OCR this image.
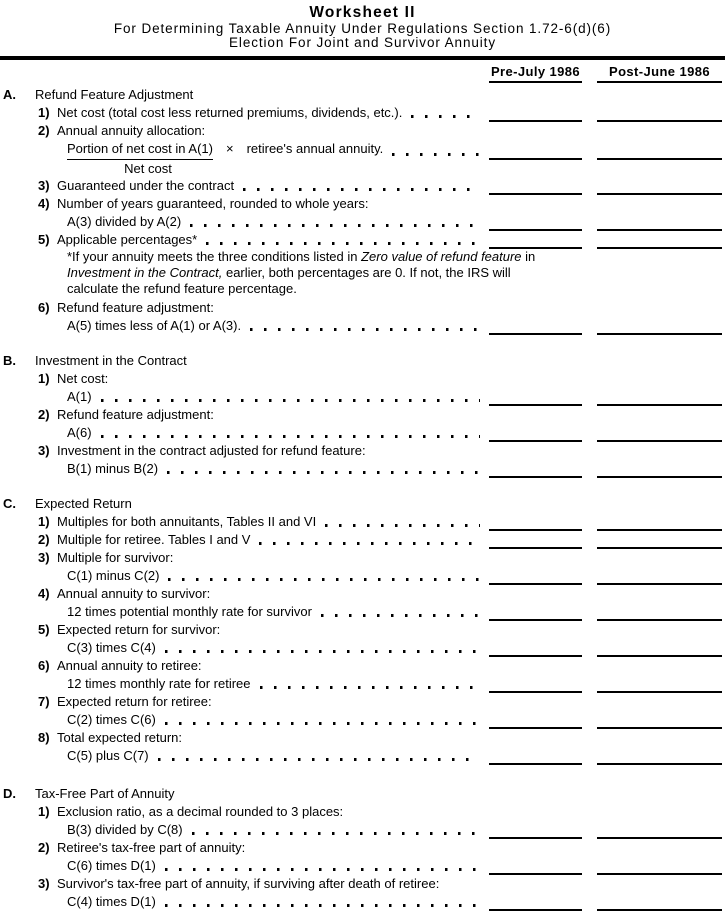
Worksheet II
For Determining Taxable Annuity Under Regulations Section 1.72-6(d)(6)
Election For Joint and Survivor Annuity
Pre-July 1986	Post-June 1986
A.	Refund Feature Adjustment
1) Net cost (total cost less returned premiums, dividends, etc.).
2) Annual annuity allocation:
Portion of net cost in A(1) × retiree's annual annuity.
Net cost
3) Guaranteed under the contract
4) Number of years guaranteed, rounded to whole years:
A(3) divided by A(2)
5) Applicable percentages*
*If your annuity meets the three conditions listed in Zero value of refund feature in Investment in the Contract, earlier, both percentages are 0. If not, the IRS will calculate the refund feature percentage.
6) Refund feature adjustment:
A(5) times less of A(1) or A(3).
B.	Investment in the Contract
1) Net cost:
A(1)
2) Refund feature adjustment:
A(6)
3) Investment in the contract adjusted for refund feature:
B(1) minus B(2)
C.	Expected Return
1) Multiples for both annuitants, Tables II and VI
2) Multiple for retiree. Tables I and V
3) Multiple for survivor:
C(1) minus C(2)
4) Annual annuity to survivor:
12 times potential monthly rate for survivor
5) Expected return for survivor:
C(3) times C(4)
6) Annual annuity to retiree:
12 times monthly rate for retiree
7) Expected return for retiree:
C(2) times C(6)
8) Total expected return:
C(5) plus C(7)
D.	Tax-Free Part of Annuity
1) Exclusion ratio, as a decimal rounded to 3 places:
B(3) divided by C(8)
2) Retiree's tax-free part of annuity:
C(6) times D(1)
3) Survivor's tax-free part of annuity, if surviving after death of retiree:
C(4) times D(1)
